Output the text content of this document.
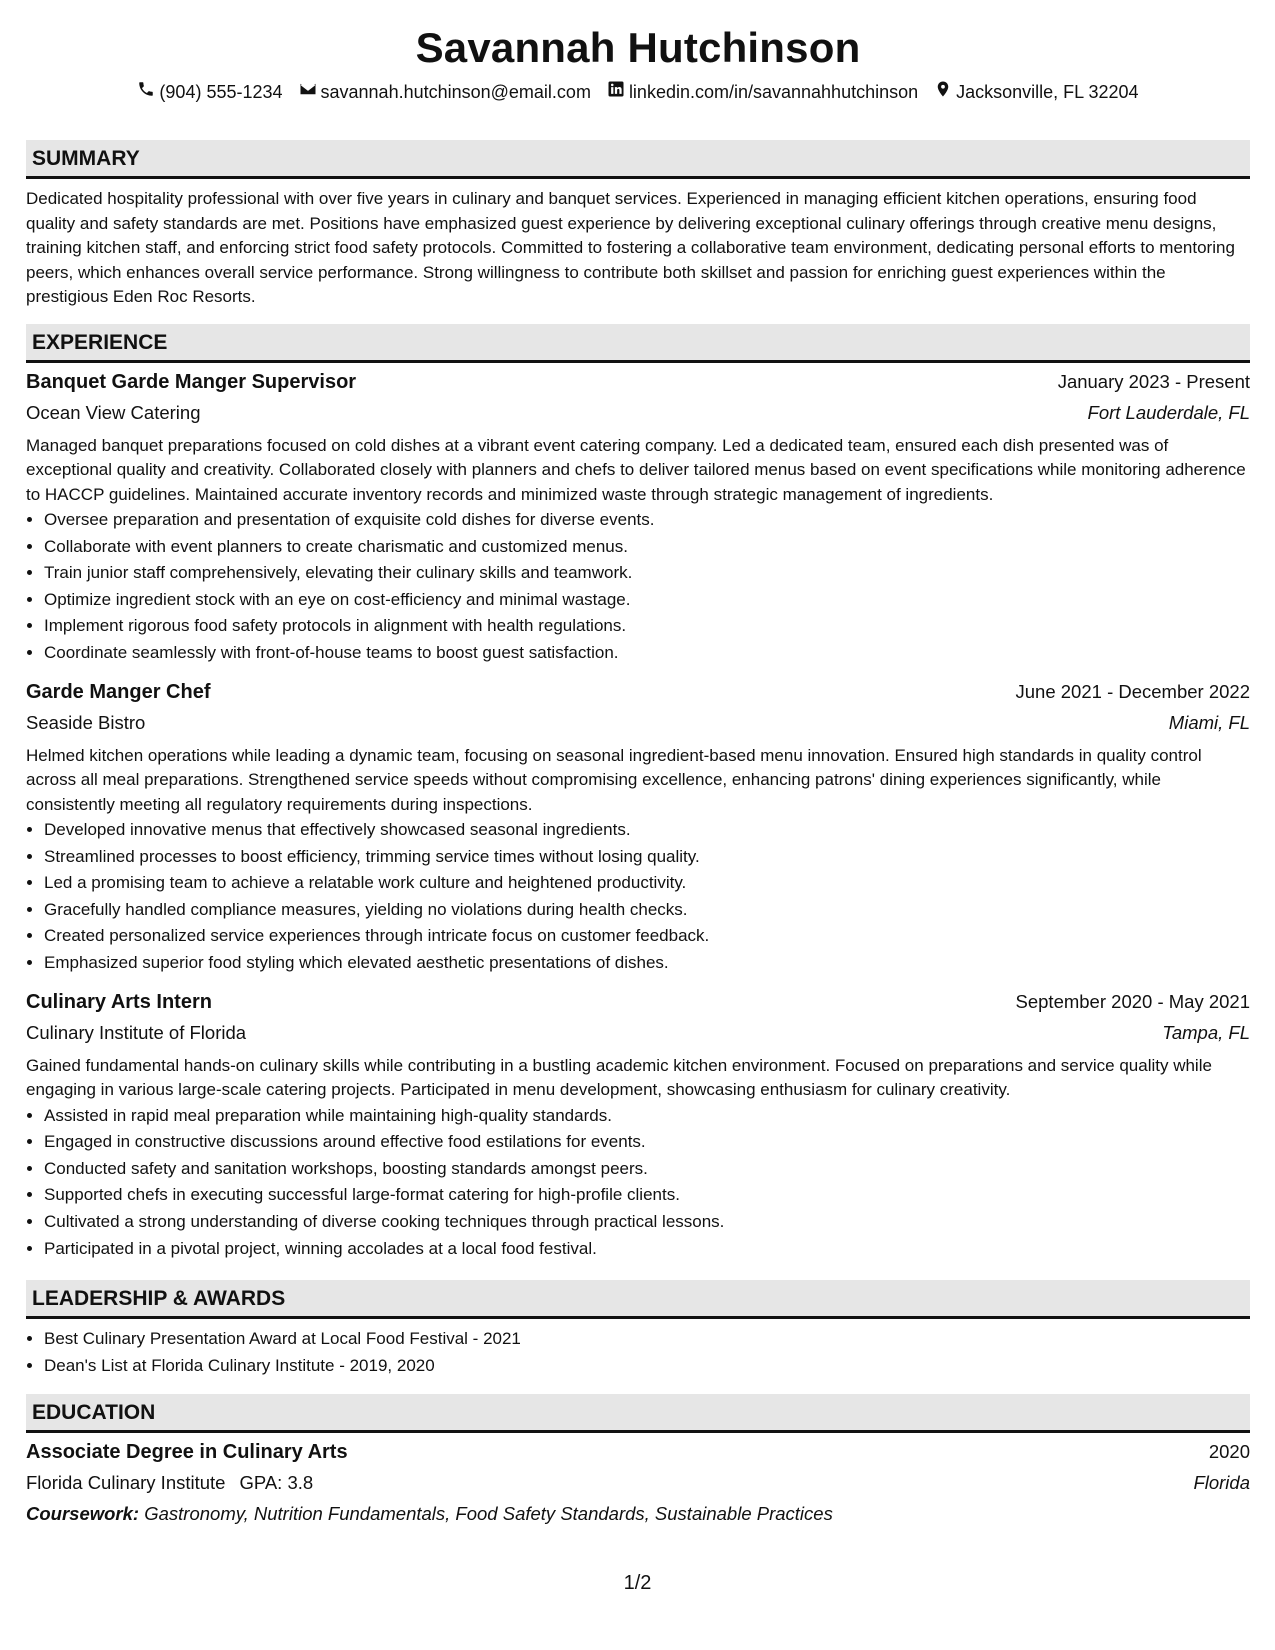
Savannah Hutchinson
(904) 555-1234 savannah.hutchinson@email.com linkedin.com/in/savannahhutchinson Jacksonville, FL 32204
SUMMARY
Dedicated hospitality professional with over five years in culinary and banquet services. Experienced in managing efficient kitchen operations, ensuring food quality and safety standards are met. Positions have emphasized guest experience by delivering exceptional culinary offerings through creative menu designs, training kitchen staff, and enforcing strict food safety protocols. Committed to fostering a collaborative team environment, dedicating personal efforts to mentoring peers, which enhances overall service performance. Strong willingness to contribute both skillset and passion for enriching guest experiences within the prestigious Eden Roc Resorts.
EXPERIENCE
Banquet Garde Manger Supervisor	January 2023 - Present
Ocean View Catering	Fort Lauderdale, FL
Managed banquet preparations focused on cold dishes at a vibrant event catering company. Led a dedicated team, ensured each dish presented was of exceptional quality and creativity. Collaborated closely with planners and chefs to deliver tailored menus based on event specifications while monitoring adherence to HACCP guidelines. Maintained accurate inventory records and minimized waste through strategic management of ingredients.
• Oversee preparation and presentation of exquisite cold dishes for diverse events.
• Collaborate with event planners to create charismatic and customized menus.
• Train junior staff comprehensively, elevating their culinary skills and teamwork.
• Optimize ingredient stock with an eye on cost-efficiency and minimal wastage.
• Implement rigorous food safety protocols in alignment with health regulations.
• Coordinate seamlessly with front-of-house teams to boost guest satisfaction.
Garde Manger Chef	June 2021 - December 2022
Seaside Bistro	Miami, FL
Helmed kitchen operations while leading a dynamic team, focusing on seasonal ingredient-based menu innovation. Ensured high standards in quality control across all meal preparations. Strengthened service speeds without compromising excellence, enhancing patrons' dining experiences significantly, while consistently meeting all regulatory requirements during inspections.
• Developed innovative menus that effectively showcased seasonal ingredients.
• Streamlined processes to boost efficiency, trimming service times without losing quality.
• Led a promising team to achieve a relatable work culture and heightened productivity.
• Gracefully handled compliance measures, yielding no violations during health checks.
• Created personalized service experiences through intricate focus on customer feedback.
• Emphasized superior food styling which elevated aesthetic presentations of dishes.
Culinary Arts Intern	September 2020 - May 2021
Culinary Institute of Florida	Tampa, FL
Gained fundamental hands-on culinary skills while contributing in a bustling academic kitchen environment. Focused on preparations and service quality while engaging in various large-scale catering projects. Participated in menu development, showcasing enthusiasm for culinary creativity.
• Assisted in rapid meal preparation while maintaining high-quality standards.
• Engaged in constructive discussions around effective food estilations for events.
• Conducted safety and sanitation workshops, boosting standards amongst peers.
• Supported chefs in executing successful large-format catering for high-profile clients.
• Cultivated a strong understanding of diverse cooking techniques through practical lessons.
• Participated in a pivotal project, winning accolades at a local food festival.
LEADERSHIP & AWARDS
• Best Culinary Presentation Award at Local Food Festival - 2021
• Dean's List at Florida Culinary Institute - 2019, 2020
EDUCATION
Associate Degree in Culinary Arts	2020
Florida Culinary Institute GPA: 3.8	Florida
Coursework: Gastronomy, Nutrition Fundamentals, Food Safety Standards, Sustainable Practices
1/2
